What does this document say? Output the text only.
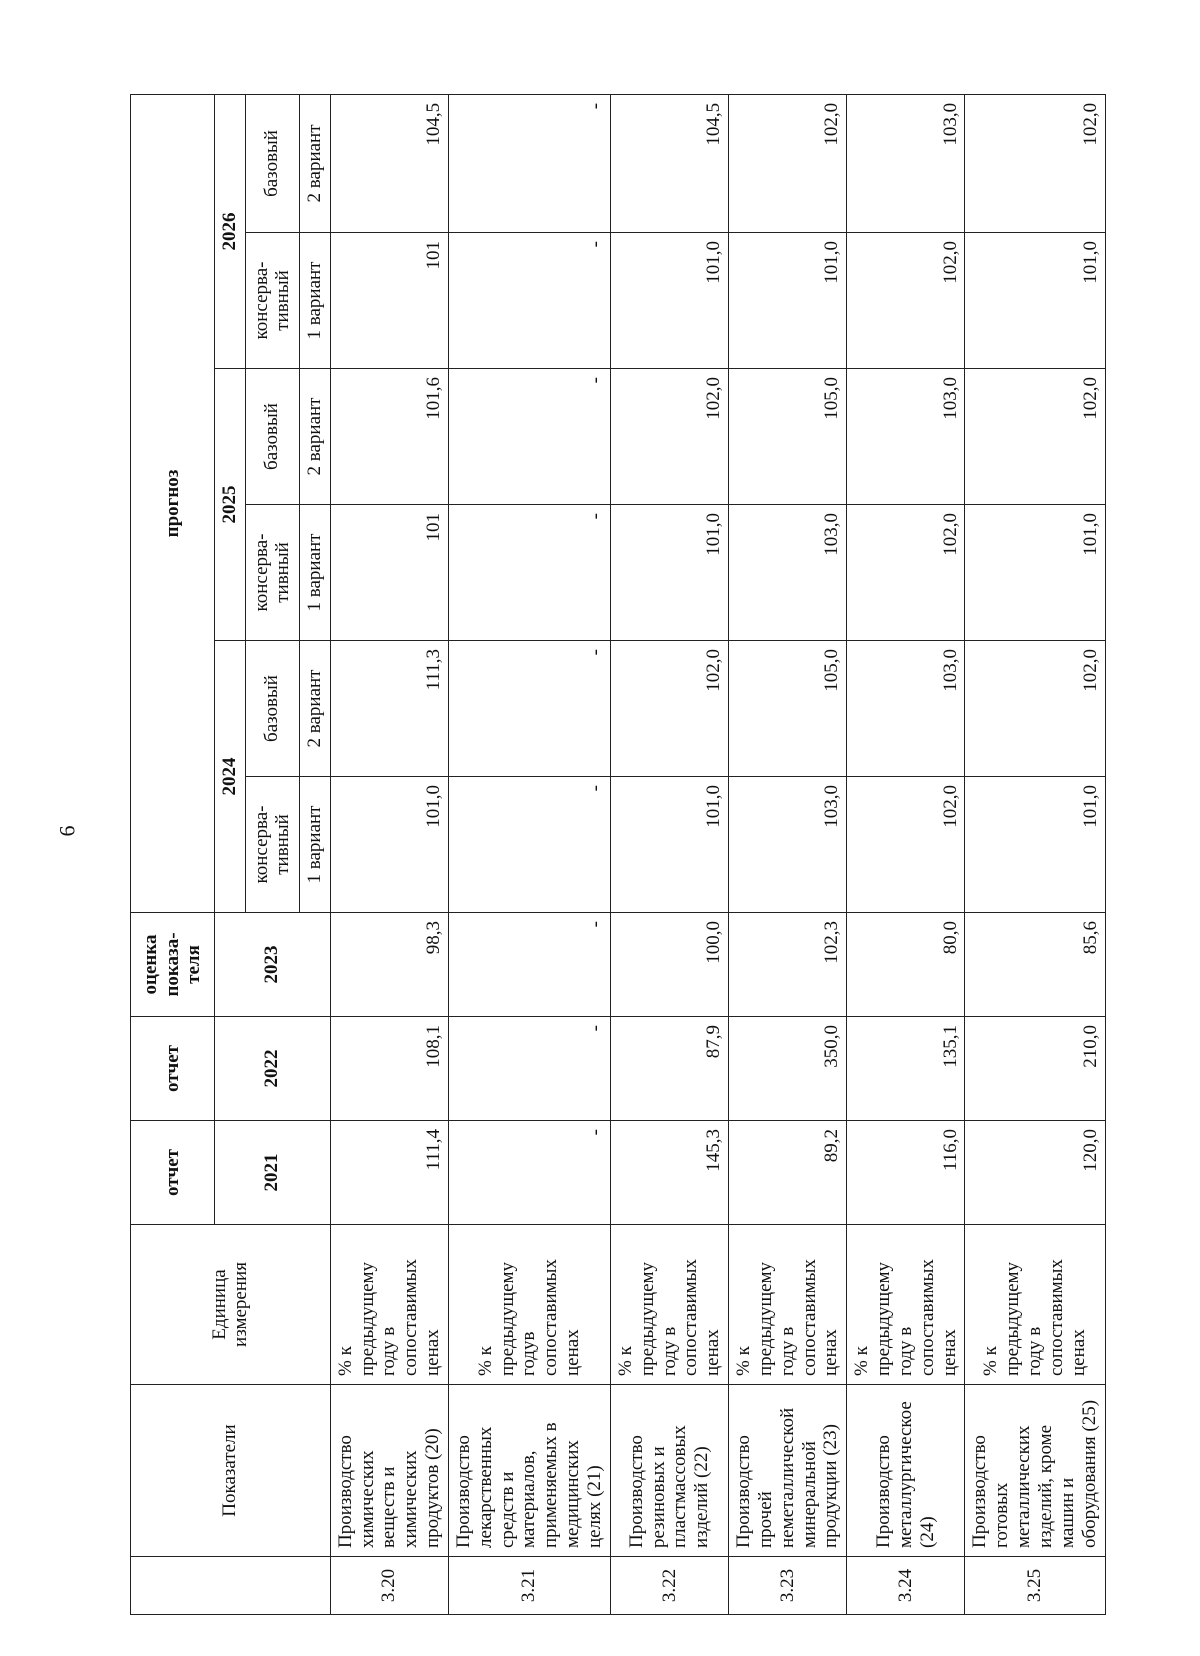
6
	Показатели	Единица измерения	отчет	отчет	оценка показа-теля	прогноз					
			2021	2022	2023	2024		2025		2026	
						консерва-тивный	базовый	консерва-тивный	базовый	консерва-тивный	базовый
						1 вариант	2 вариант	1 вариант	2 вариант	1 вариант	2 вариант
3.20	Производство химических веществ и химических продуктов (20)	% к предыдущему году в сопоставимых ценах	111,4	108,1	98,3	101,0	111,3	101	101,6	101	104,5
3.21	Производство лекарственных средств и материалов, применяемых в медицинских целях (21)	% к предыдущему годув сопоставимых ценах	-	-	-	-	-	-	-	-	-
3.22	Производство резиновых и пластмассовых изделий (22)	% к предыдущему году в сопоставимых ценах	145,3	87,9	100,0	101,0	102,0	101,0	102,0	101,0	104,5
3.23	Производство прочей неметаллической минеральной продукции (23)	% к предыдущему году в сопоставимых ценах	89,2	350,0	102,3	103,0	105,0	103,0	105,0	101,0	102,0
3.24	Производство металлургическое (24)	% к предыдущему году в сопоставимых ценах	116,0	135,1	80,0	102,0	103,0	102,0	103,0	102,0	103,0
3.25	Производство готовых металлических изделий, кроме машин и оборудования (25)	% к предыдущему году в сопоставимых ценах	120,0	210,0	85,6	101,0	102,0	101,0	102,0	101,0	102,0
